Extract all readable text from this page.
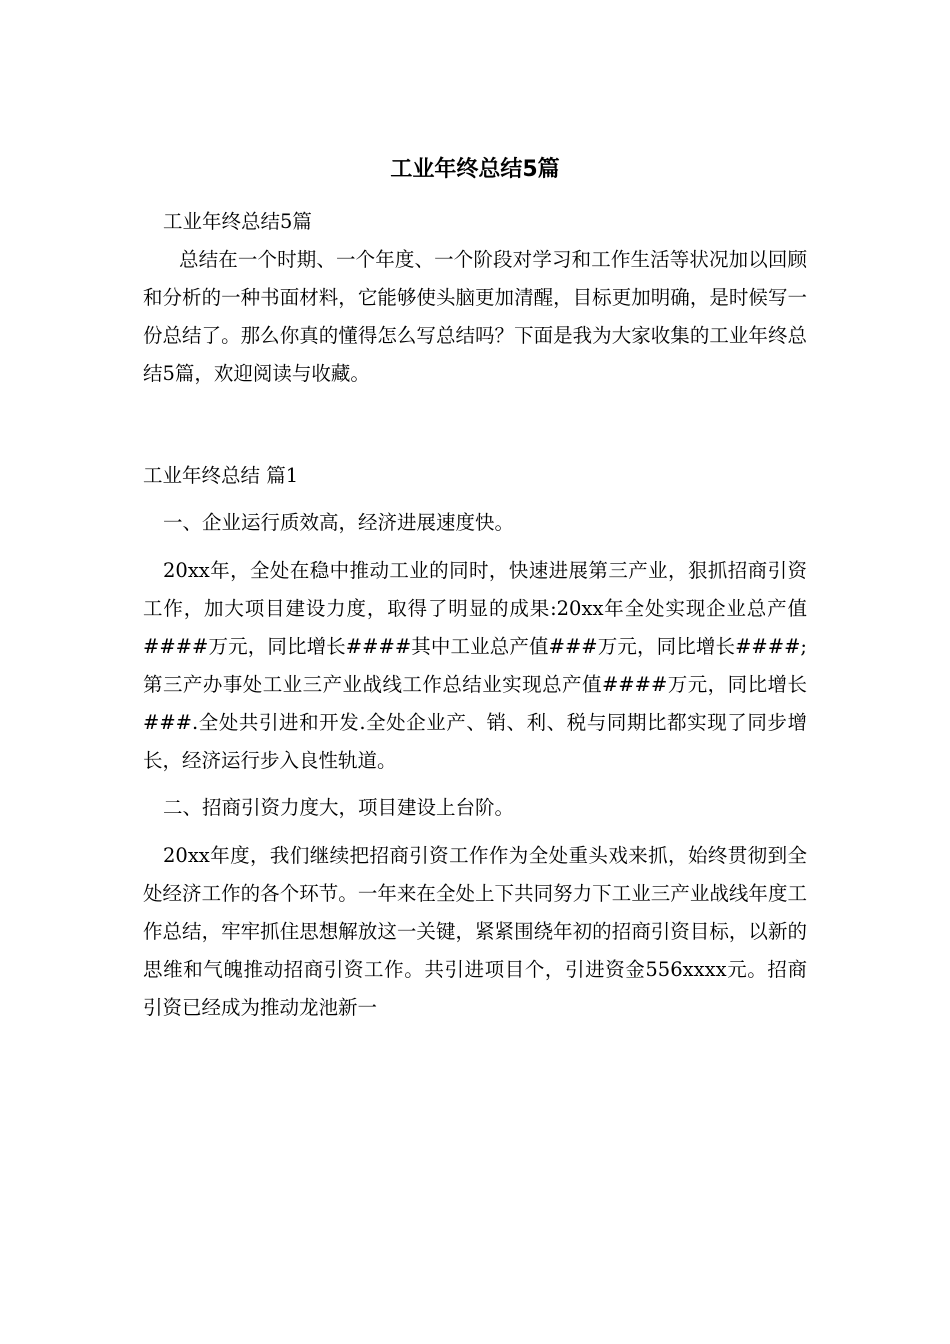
工业年终总结5篇

工业年终总结5篇

总结在一个时期、一个年度、一个阶段对学习和工作生活等状况加以回顾和分析的一种书面材料，它能够使头脑更加清醒，目标更加明确，是时候写一份总结了。那么你真的懂得怎么写总结吗？下面是我为大家收集的工业年终总结5篇，欢迎阅读与收藏。

工业年终总结 篇1

一、企业运行质效高，经济进展速度快。

20xx年，全处在稳中推动工业的同时，快速进展第三产业，狠抓招商引资工作，加大项目建设力度，取得了明显的成果:20xx年全处实现企业总产值####万元，同比增长####其中工业总产值###万元，同比增长####;第三产办事处工业三产业战线工作总结业实现总产值####万元，同比增长###.全处共引进和开发.全处企业产、销、利、税与同期比都实现了同步增长，经济运行步入良性轨道。

二、招商引资力度大，项目建设上台阶。

20xx年度，我们继续把招商引资工作作为全处重头戏来抓，始终贯彻到全处经济工作的各个环节。一年来在全处上下共同努力下工业三产业战线年度工作总结，牢牢抓住思想解放这一关键，紧紧围绕年初的招商引资目标，以新的思维和气魄推动招商引资工作。共引进项目个，引进资金556xxxx元。招商引资已经成为推动龙池新一
